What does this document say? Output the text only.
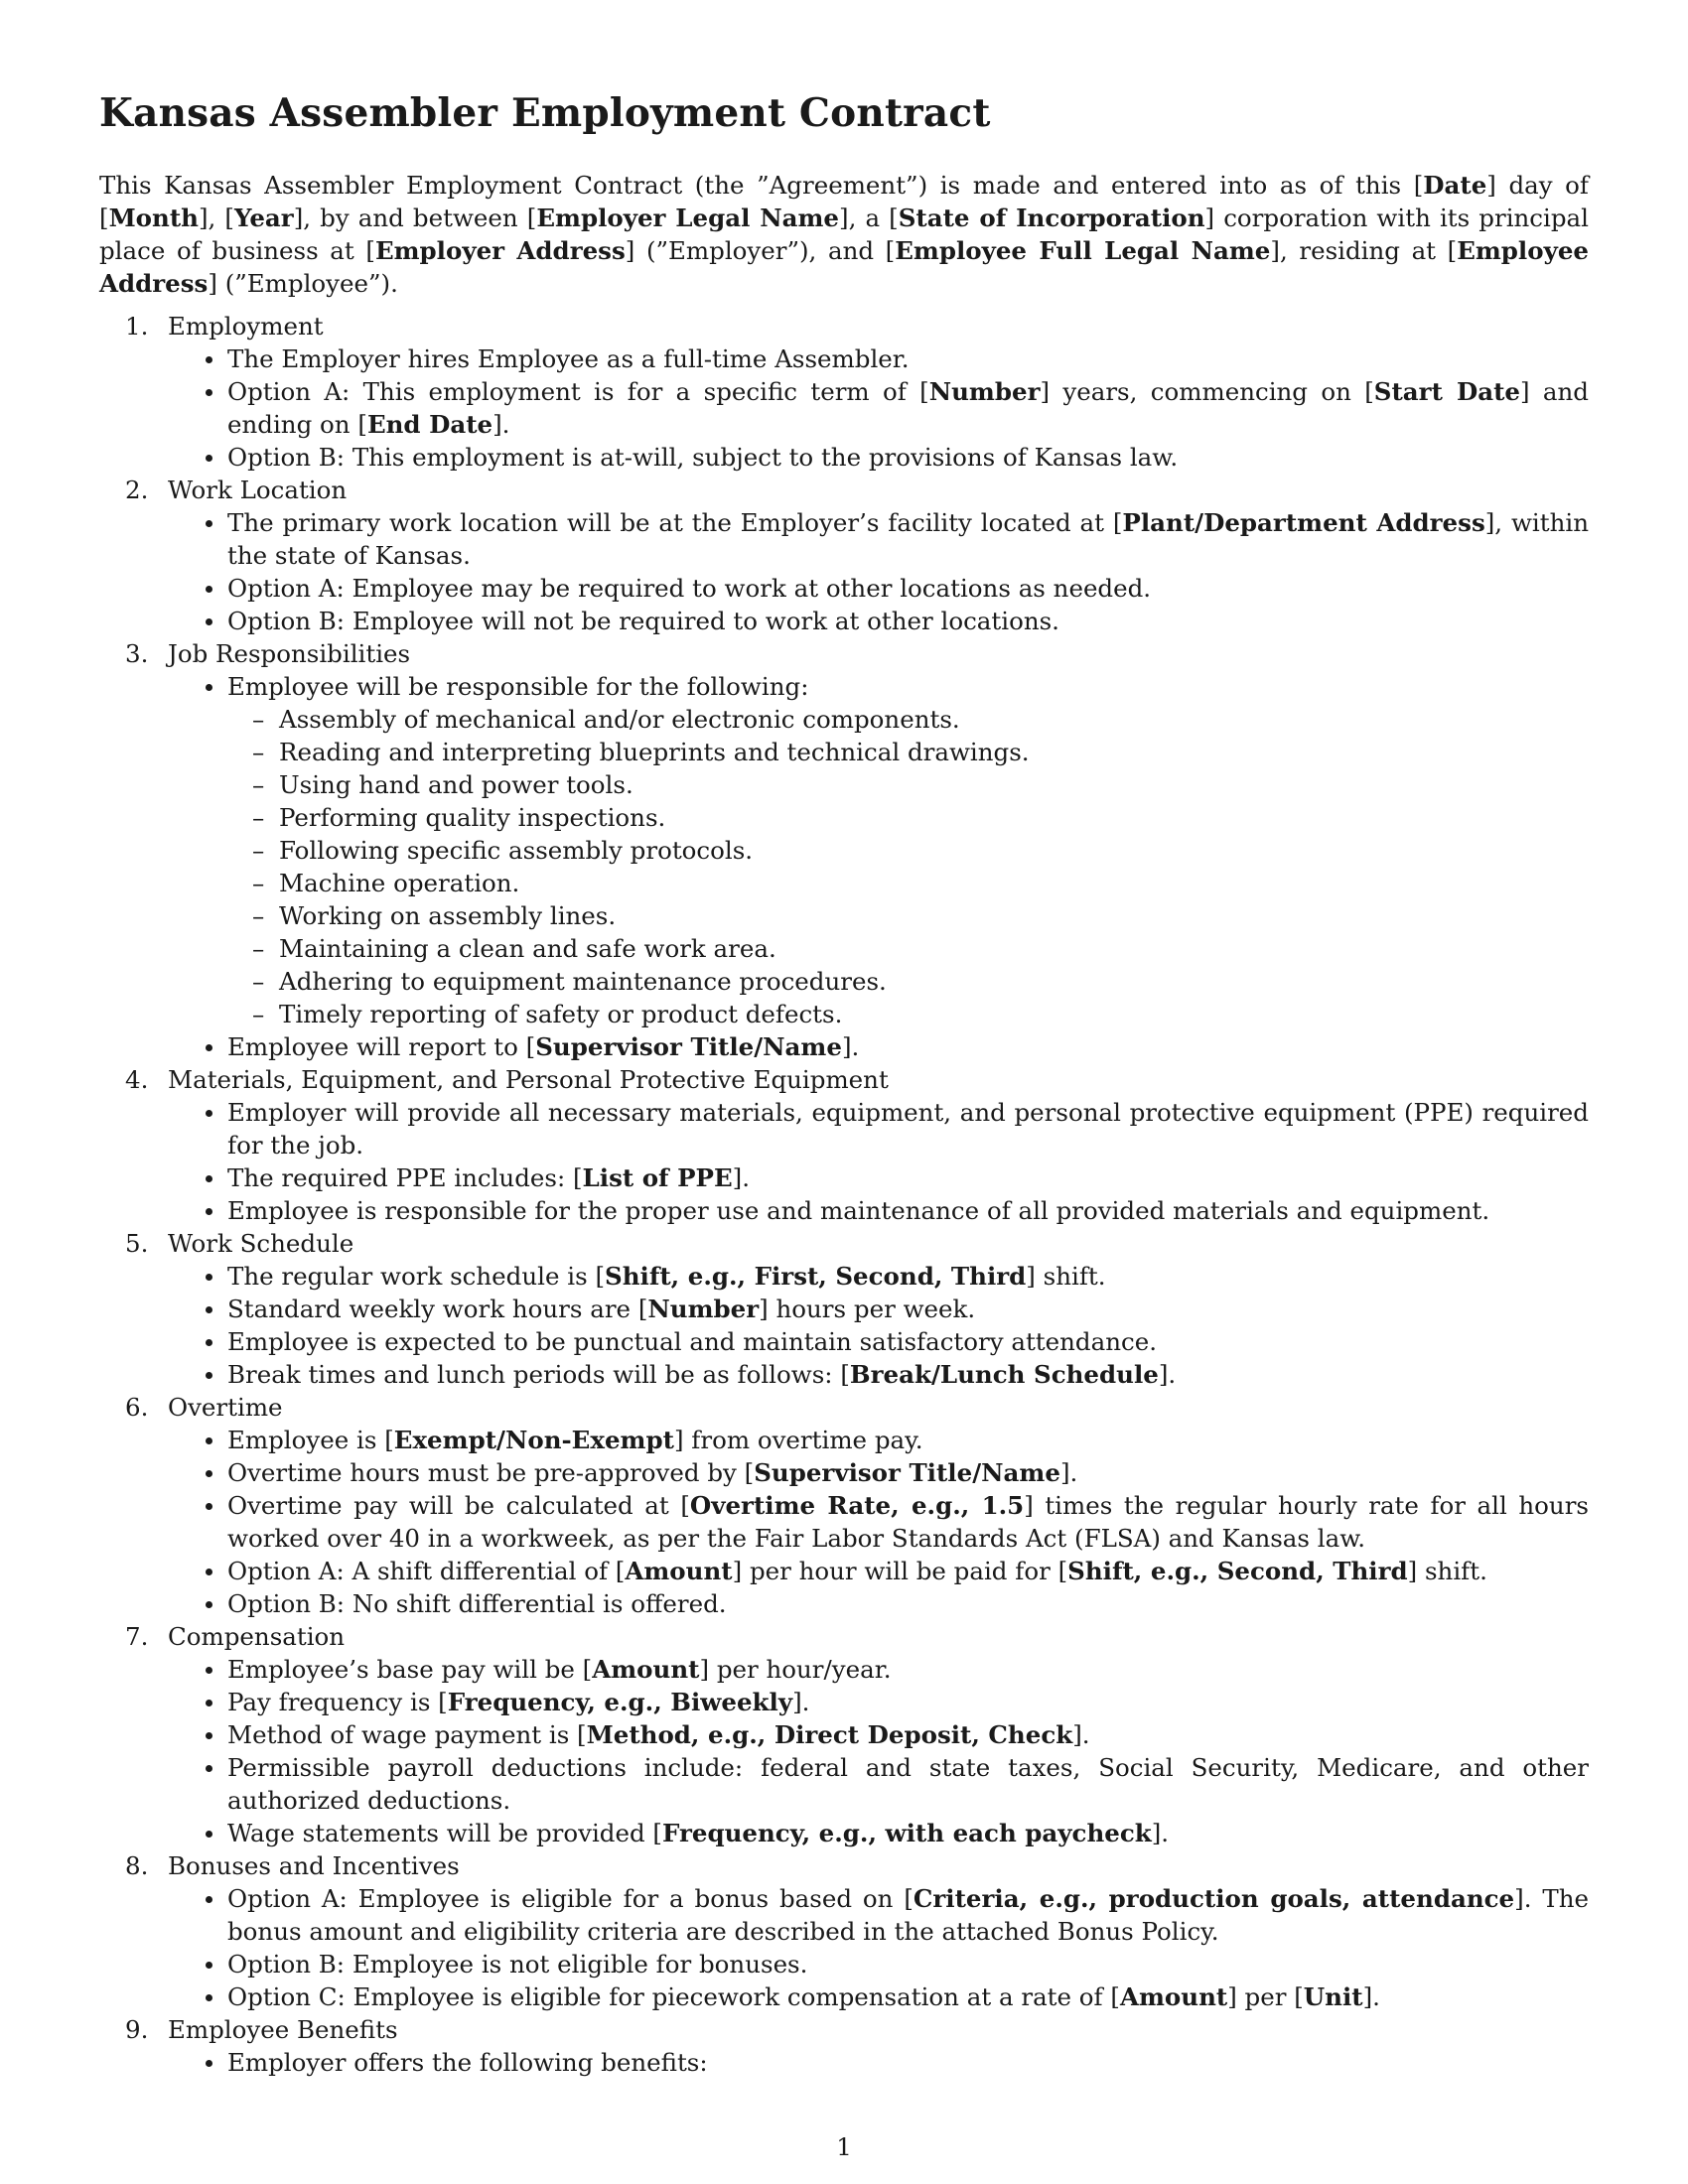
Kansas Assembler Employment Contract

This Kansas Assembler Employment Contract (the ”Agreement”) is made and entered into as of this [Date] day of [Month], [Year], by and between [Employer Legal Name], a [State of Incorporation] corporation with its principal place of business at [Employer Address] (”Employer”), and [Employee Full Legal Name], residing at [Employee Address] (”Employee”).

1. Employment
The Employer hires Employee as a full-time Assembler.
Option A: This employment is for a specific term of [Number] years, commencing on [Start Date] and ending on [End Date].
Option B: This employment is at-will, subject to the provisions of Kansas law.
2. Work Location
The primary work location will be at the Employer’s facility located at [Plant/Department Address], within the state of Kansas.
Option A: Employee may be required to work at other locations as needed.
Option B: Employee will not be required to work at other locations.
3. Job Responsibilities
Employee will be responsible for the following:
– Assembly of mechanical and/or electronic components.
– Reading and interpreting blueprints and technical drawings.
– Using hand and power tools.
– Performing quality inspections.
– Following specific assembly protocols.
– Machine operation.
– Working on assembly lines.
– Maintaining a clean and safe work area.
– Adhering to equipment maintenance procedures.
– Timely reporting of safety or product defects.
Employee will report to [Supervisor Title/Name].
4. Materials, Equipment, and Personal Protective Equipment
Employer will provide all necessary materials, equipment, and personal protective equipment (PPE) required for the job.
The required PPE includes: [List of PPE].
Employee is responsible for the proper use and maintenance of all provided materials and equipment.
5. Work Schedule
The regular work schedule is [Shift, e.g., First, Second, Third] shift.
Standard weekly work hours are [Number] hours per week.
Employee is expected to be punctual and maintain satisfactory attendance.
Break times and lunch periods will be as follows: [Break/Lunch Schedule].
6. Overtime
Employee is [Exempt/Non-Exempt] from overtime pay.
Overtime hours must be pre-approved by [Supervisor Title/Name].
Overtime pay will be calculated at [Overtime Rate, e.g., 1.5] times the regular hourly rate for all hours worked over 40 in a workweek, as per the Fair Labor Standards Act (FLSA) and Kansas law.
Option A: A shift differential of [Amount] per hour will be paid for [Shift, e.g., Second, Third] shift.
Option B: No shift differential is offered.
7. Compensation
Employee’s base pay will be [Amount] per hour/year.
Pay frequency is [Frequency, e.g., Biweekly].
Method of wage payment is [Method, e.g., Direct Deposit, Check].
Permissible payroll deductions include: federal and state taxes, Social Security, Medicare, and other authorized deductions.
Wage statements will be provided [Frequency, e.g., with each paycheck].
8. Bonuses and Incentives
Option A: Employee is eligible for a bonus based on [Criteria, e.g., production goals, attendance]. The bonus amount and eligibility criteria are described in the attached Bonus Policy.
Option B: Employee is not eligible for bonuses.
Option C: Employee is eligible for piecework compensation at a rate of [Amount] per [Unit].
9. Employee Benefits
Employer offers the following benefits:
1
